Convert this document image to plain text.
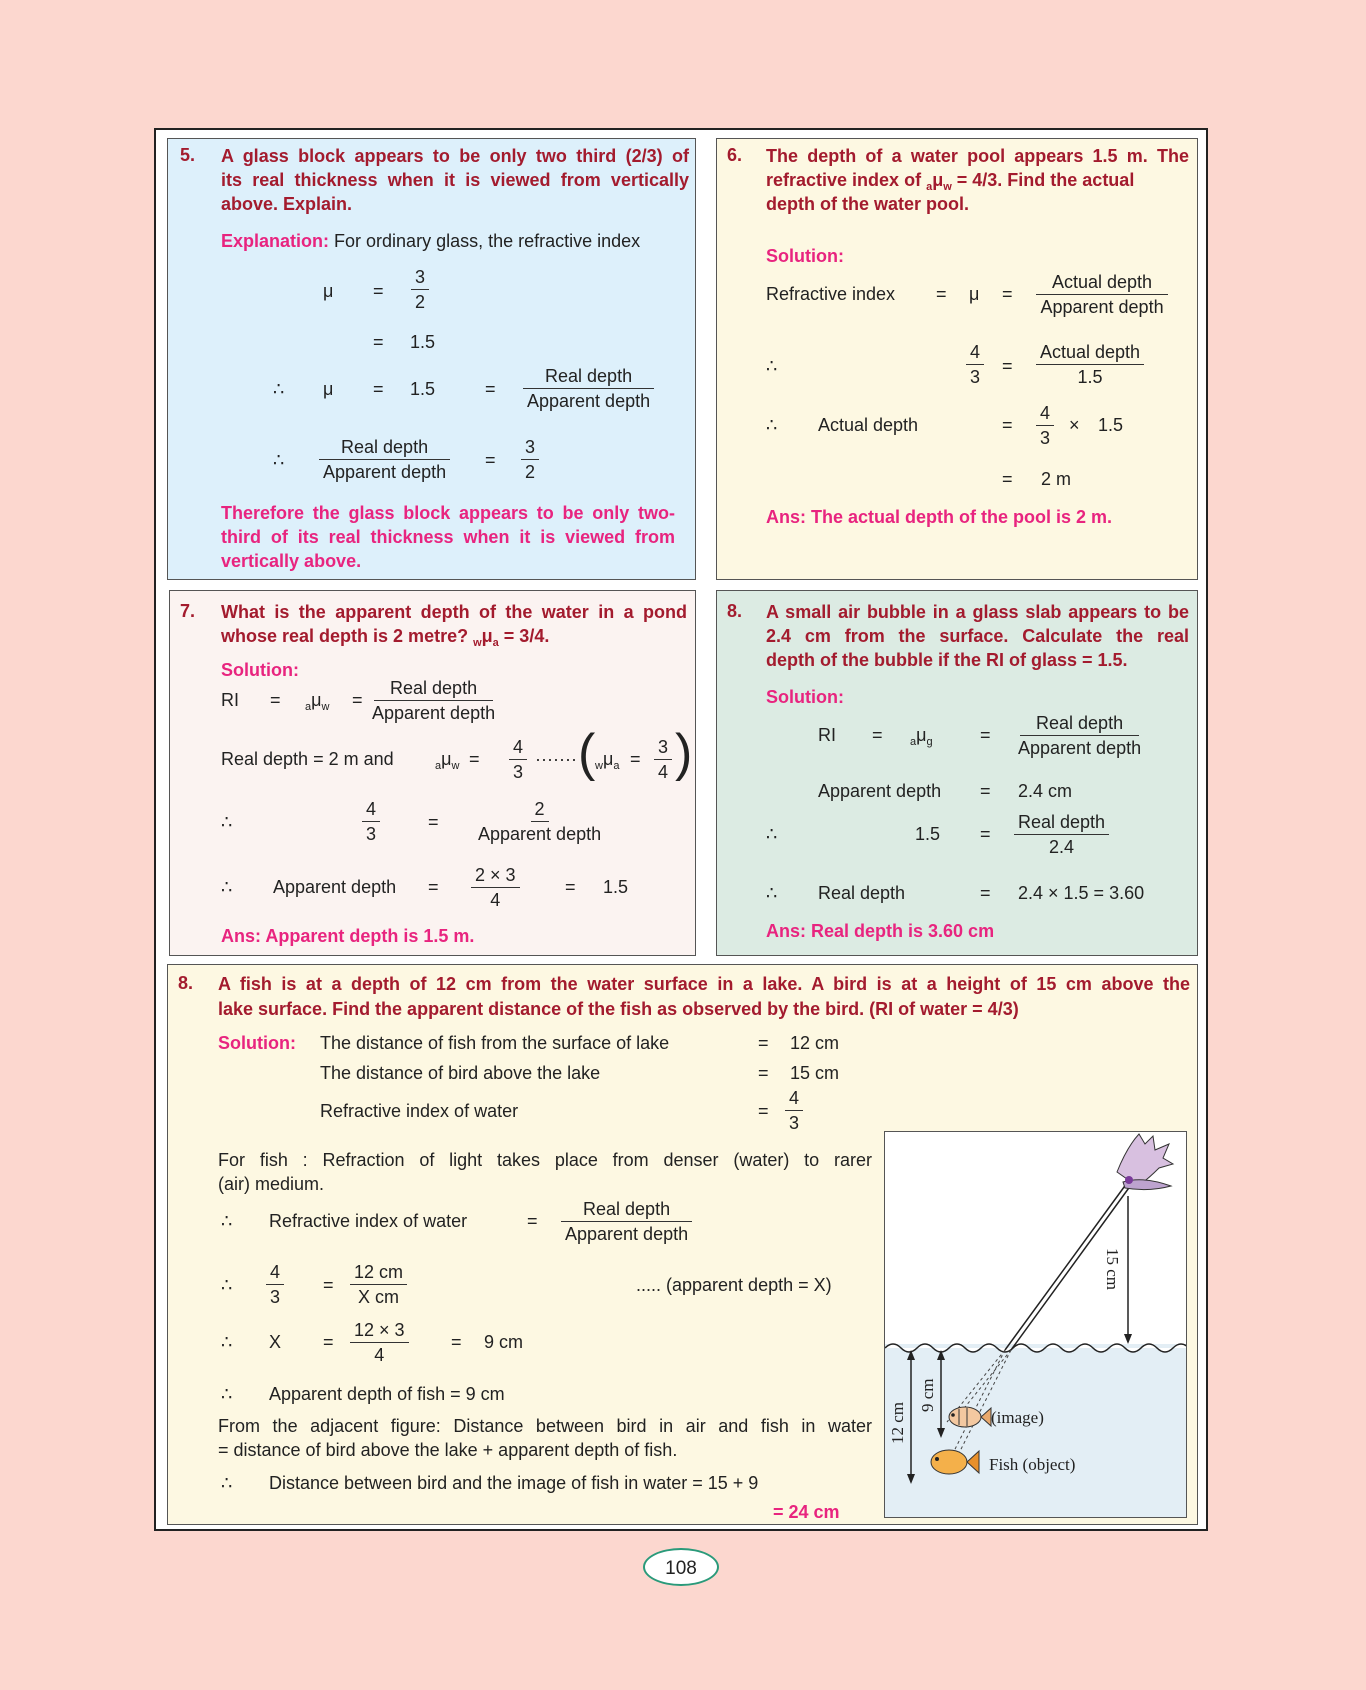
5. A glass block appears to be only two third (2/3) of
its real thickness when it is viewed from vertically
above. Explain.
Explanation: For ordinary glass, the refractive index
$\mu = \frac{3}{2}$
= 1.5
∴ μ = 1.5	=
Real depth
Apparent depth
∴
Real depth
Apparent depth
= $\frac{3}{2}$
Therefore the glass block appears to be only two-
third of its real thickness when it is viewed from
vertically above.
6. The depth of a water pool appears 1.5 m. The
refractive index of $_a\mu_w = 4/3$. Find the actual
depth of the water pool.
Solution:
Refractive index = μ =
Actual depth
Apparent depth
∴	$\frac{4}{3}$ =
Actual depth
1.5
∴ Actual depth	= $\frac{4}{3} \times 1.5$
= 2 m
Ans: The actual depth of the pool is 2 m.
7. What is the apparent depth of the water in a pond
whose real depth is 2 metre? $_w\mu_a = 3/4$.
Solution:
RI = $_a\mu_w$ =
Real depth
Apparent depth
Real depth = 2 m and	$_a\mu_w = \frac{4}{3}$ ······· ( $_w\mu_a = \frac{3}{4}$ )
∴	$\frac{4}{3}$	=
2
Apparent depth
∴ Apparent depth = $\frac{2 \times 3}{4}$	= 1.5
Ans: Apparent depth is 1.5 m.
8. A small air bubble in a glass slab appears to be
2.4 cm from the surface. Calculate the real
depth of the bubble if the RI of glass = 1.5.
Solution:
RI = $_a\mu_g$	=
Real depth
Apparent depth
Apparent depth = 2.4 cm
∴	1.5 =
Real depth
2.4
∴ Real depth	= 2.4 × 1.5 = 3.60
Ans: Real depth is 3.60 cm
8. A fish is at a depth of 12 cm from the water surface in a lake. A bird is at a height of 15 cm above the
lake surface. Find the apparent distance of the fish as observed by the bird. (RI of water = 4/3)
Solution: The distance of fish from the surface of lake	= 12 cm
The distance of bird above the lake	= 15 cm
Refractive index of water	= $\frac{4}{3}$
For fish : Refraction of light takes place from denser (water) to rarer
(air) medium.
∴ Refractive index of water	=
Real depth
Apparent depth
∴ $\frac{4}{3} = \frac{12 cm}{\text{X cm}}$	..... (apparent depth = X)
∴ $X = \frac{12 \times 3}{4} = 9$ cm
∴ Apparent depth of fish = 9 cm
From the adjacent figure: Distance between bird in air and fish in water
= distance of bird above the lake + apparent depth of fish.
∴ Distance between bird and the image of fish in water = 15 + 9
= 24 cm
15 cm
12 cm
9 cm
(image)
Fish (object)
108
